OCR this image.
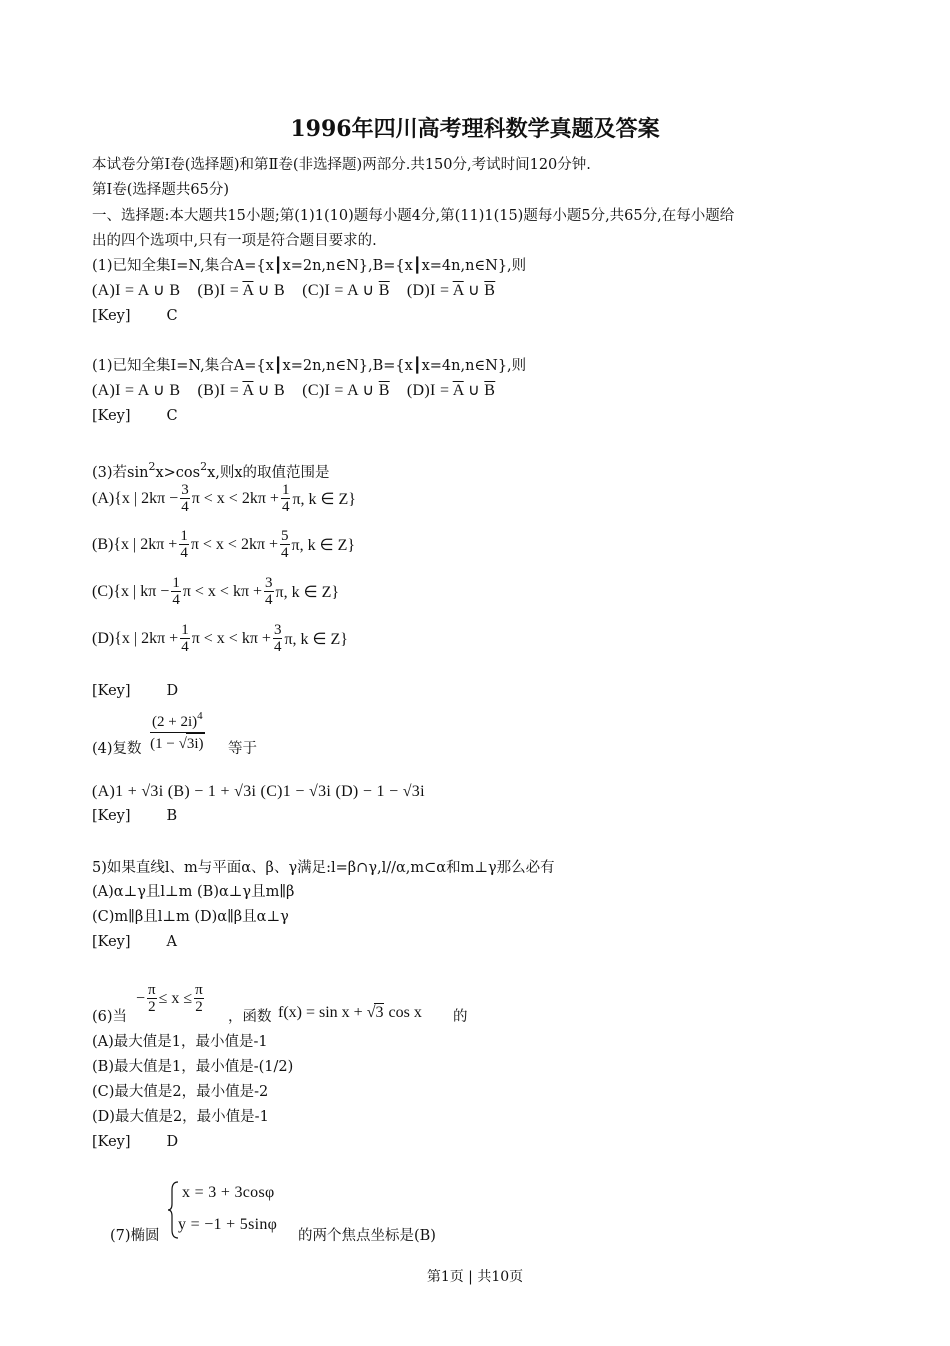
1996年四川高考理科数学真题及答案
本试卷分第Ⅰ卷(选择题)和第Ⅱ卷(非选择题)两部分.共150分,考试时间120分钟.
第Ⅰ卷(选择题共65分)
一、选择题:本大题共15小题;第(1)1(10)题每小题4分,第(11)1(15)题每小题5分,共65分,在每小题给
出的四个选项中,只有一项是符合题目要求的.
(1)已知全集I=N,集合A={x┃x=2n,n∈N},B={x┃x=4n,n∈N},则
(A)I = A ∪ B $(B)I = \overline{A}$ ∪ B (C)I = A ∪ $\overline{B}$ $(D)I = \overline{A}$ ∪ $\overline{B}$
[Key] C
(1)已知全集I=N,集合A={x┃x=2n,n∈N},B={x┃x=4n,n∈N},则
(A)I = A ∪ B $(B)I = \overline{A}$ ∪ B (C)I = A ∪ $\overline{B}$ $(D)I = \overline{A}$ ∪ $\overline{B}$
[Key] C
(3)若$\sin^2x>\cos^2x$,则x的取值范围是
(A){x | $2k\pi - \frac{3}{4}$ $\pi < x < 2k\pi + \frac{1}{4} \pi$, k ∈ Z}
(B){x | $2k\pi + \frac{1}{4}$ $\pi < x < 2k\pi + \frac{5}{4} \pi$, k ∈ Z}
(C){x | $k\pi - \frac{1}{4}$ $\pi < x < k\pi + \frac{3}{4} \pi$, k ∈ Z}
(D){x | $2k\pi + \frac{1}{4}$ $\pi < x < k\pi + \frac{3}{4} \pi$, k ∈ Z}
[Key] D
(4)复数
$(2 + 2i)^4$
(1 − √3i) 等于
(A)1 + √3i (B) − 1 + √3i (C)1 − √3i (D) − 1 − √3i
[Key] B
5)如果直线l、m与平面α、β、γ满足:l=β∩γ,l//α,m⊂α和m⊥γ那么必有
(A)α⊥γ且l⊥m (B)α⊥γ且m∥β
(C)m∥β且l⊥m (D)α∥β且α⊥γ
[Key] A
(6)当
− $\frac{\pi}{2} \le x \le \frac{\pi}{2}$
，函数 f(x) = sin x + √ 3
cos x 的
(A)最大值是1，最小值是-1
(B)最大值是1，最小值是-(1/2)
(C)最大值是2，最小值是-2
(D)最大值是2，最小值是-1
[Key] D
(7)椭圆
x = 3 + 3cosφ
y = −1 + 5sinφ
的两个焦点坐标是(B)
第1页 | 共10页
